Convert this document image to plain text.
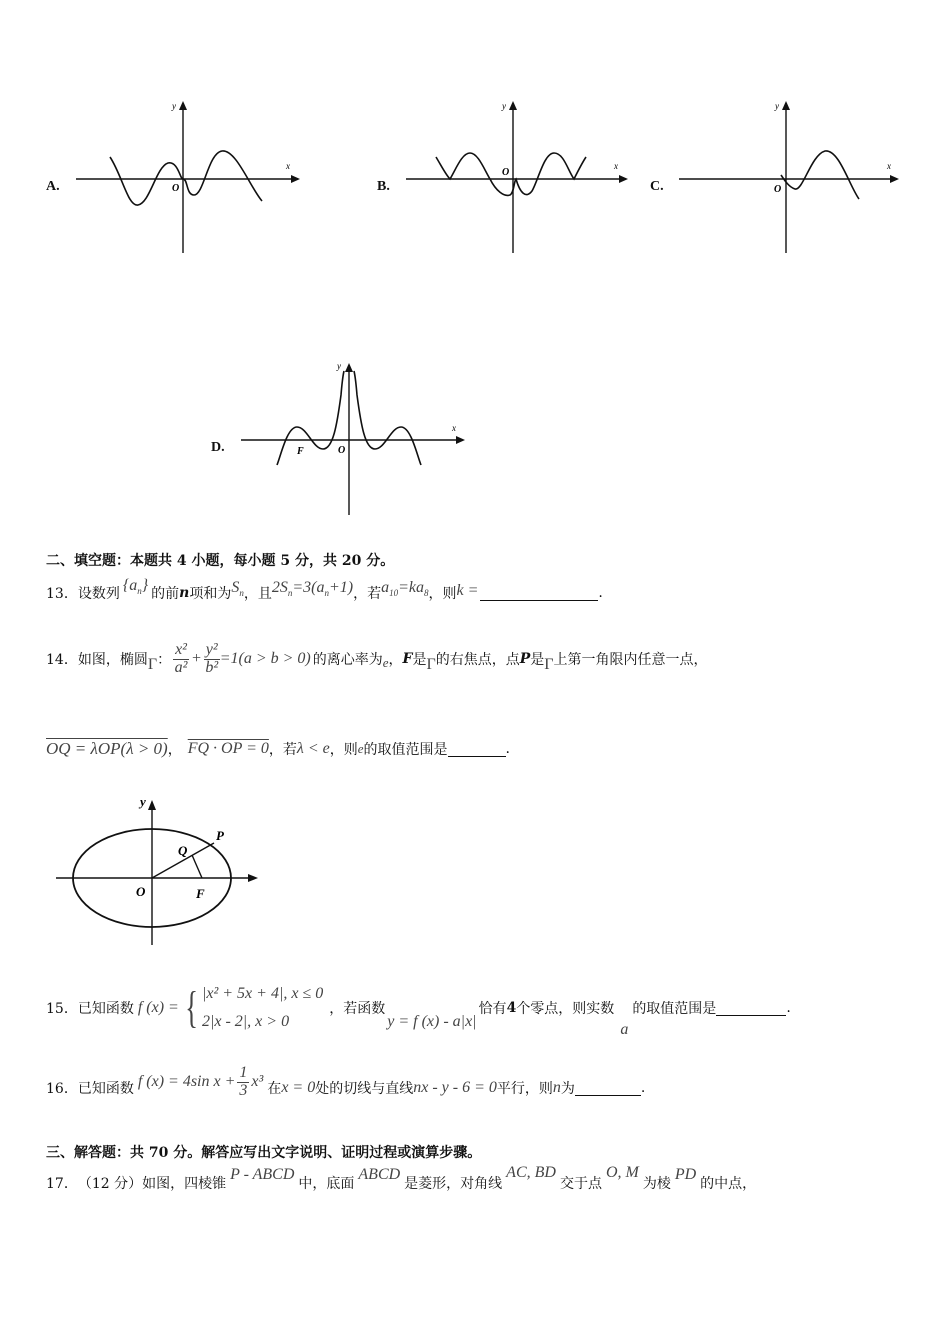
A.
x
y
O	B.
x
y
O
C.
x
y
O
D.
x
y
O
F
二、填空题：本题共 4 小题，每小题 5 分，共 20 分。
13． 设数列 $\{a_n\}$ 的前 n 项和为 $S_n$ ，且 $2S_n=3(a_n+1)$ ，若 $a_{10}=ka_8$ ，则 k =	.
14． 如图，椭圆 Γ ： $\frac{\text{x²}}{\text{a²}} + \frac{\text{y²}}{\text{b²}} =1(a > b > 0)$ 的离心率为 e ， F 是 Γ 的右焦点，点 P 是 Γ 上第一角限内任意一点，
OQ = λOP(λ > 0) ， FQ · OP = 0 ，若 λ < e ，则 e 的取值范围是	.
y
P
Q
O	F
15． 已知函数 f (x) = { |x² + 5x + 4|, x ≤ 0
2|x - 2|, x > 0
，若函数
y = f (x) - a|x|
恰有 4 个零点，则实数
a
的取值范围是	.
16． 已知函数 f (x) = 4sin $x + \frac{1}{3} x^3$ 在 x = 0 处的切线与直线 nx - y - 6 = 0 平行，则 n 为	.
三、解答题：共 70 分。解答应写出文字说明、证明过程或演算步骤。
17． （12 分） 如图，四棱锥
P - ABCD
中，底面
ABCD
是菱形，对角线
AC, BD
交于点
O, M
为棱
PD
的中点，
